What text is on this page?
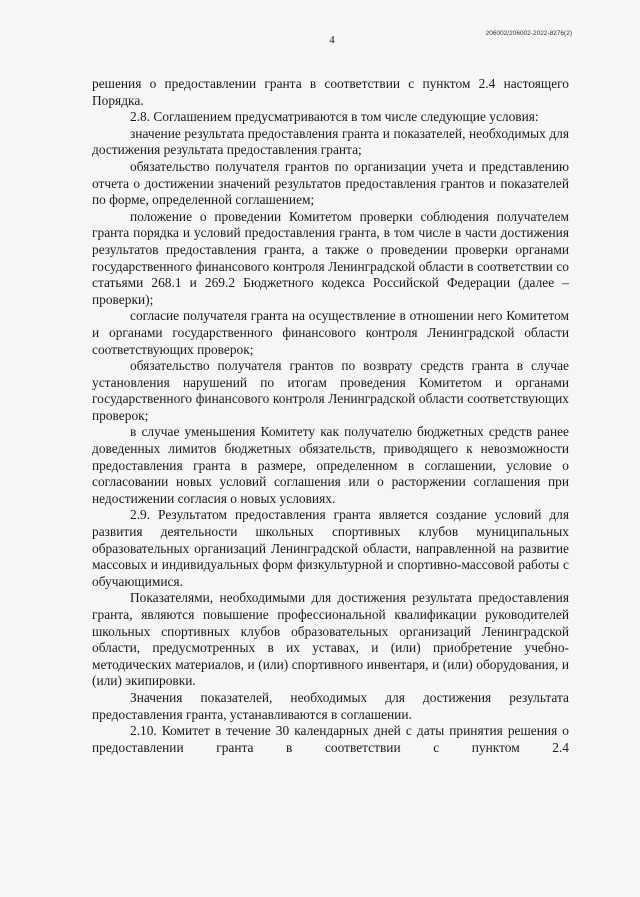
4
206002/206002-2022-8276(2)

решения о предоставлении гранта в соответствии с пунктом 2.4 настоящего Порядка.

2.8. Соглашением предусматриваются в том числе следующие условия:

значение результата предоставления гранта и показателей, необходимых для достижения результата предоставления гранта;

обязательство получателя грантов по организации учета и представлению отчета о достижении значений результатов предоставления грантов и показателей по форме, определенной соглашением;

положение о проведении Комитетом проверки соблюдения получателем гранта порядка и условий предоставления гранта, в том числе в части достижения результатов предоставления гранта, а также о проведении проверки органами государственного финансового контроля Ленинградской области в соответствии со статьями 268.1 и 269.2 Бюджетного кодекса Российской Федерации (далее – проверки);

согласие получателя гранта на осуществление в отношении него Комитетом и органами государственного финансового контроля Ленинградской области соответствующих проверок;

обязательство получателя грантов по возврату средств гранта в случае установления нарушений по итогам проведения Комитетом и органами государственного финансового контроля Ленинградской области соответствующих проверок;

в случае уменьшения Комитету как получателю бюджетных средств ранее доведенных лимитов бюджетных обязательств, приводящего к невозможности предоставления гранта в размере, определенном в соглашении, условие о согласовании новых условий соглашения или о расторжении соглашения при недостижении согласия о новых условиях.

2.9. Результатом предоставления гранта является создание условий для развития деятельности школьных спортивных клубов муниципальных образовательных организаций Ленинградской области, направленной на развитие массовых и индивидуальных форм физкультурной и спортивно-массовой работы с обучающимися.

Показателями, необходимыми для достижения результата предоставления гранта, являются повышение профессиональной квалификации руководителей школьных спортивных клубов образовательных организаций Ленинградской области, предусмотренных в их уставах, и (или) приобретение учебно-методических материалов, и (или) спортивного инвентаря, и (или) оборудования, и (или) экипировки.

Значения показателей, необходимых для достижения результата предоставления гранта, устанавливаются в соглашении.

2.10. Комитет в течение 30 календарных дней с даты принятия решения о предоставлении гранта в соответствии с пунктом 2.4
